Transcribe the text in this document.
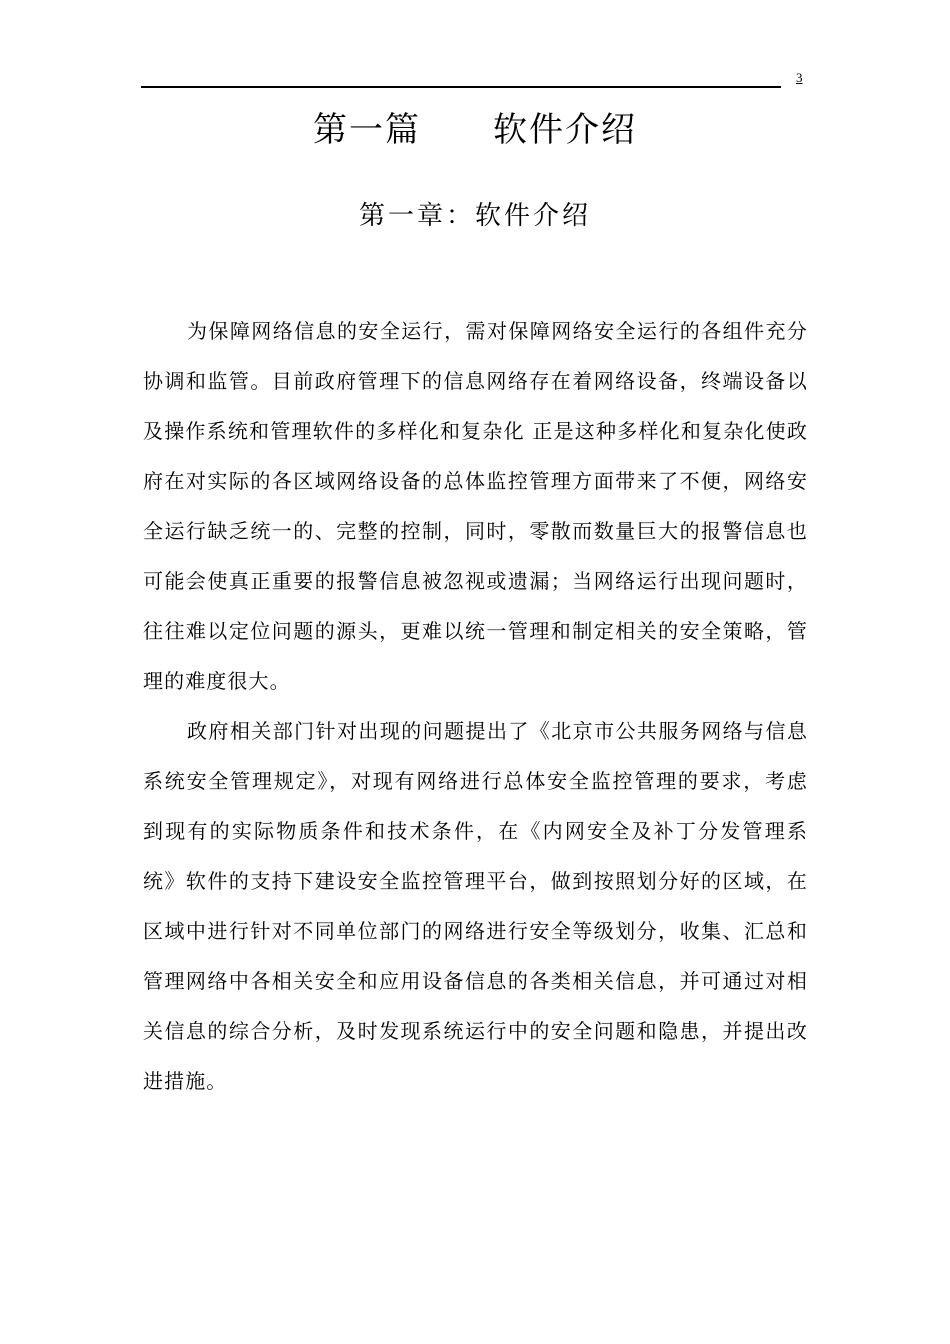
3
第一篇　　软件介绍
第一章：软件介绍

为保障网络信息的安全运行，需对保障网络安全运行的各组件充分协调和监管。目前政府管理下的信息网络存在着网络设备，终端设备以及操作系统和管理软件的多样化和复杂化 正是这种多样化和复杂化使政府在对实际的各区域网络设备的总体监控管理方面带来了不便，网络安全运行缺乏统一的、完整的控制，同时，零散而数量巨大的报警信息也可能会使真正重要的报警信息被忽视或遗漏；当网络运行出现问题时，往往难以定位问题的源头，更难以统一管理和制定相关的安全策略，管理的难度很大。

政府相关部门针对出现的问题提出了《北京市公共服务网络与信息系统安全管理规定》，对现有网络进行总体安全监控管理的要求，考虑到现有的实际物质条件和技术条件，在《内网安全及补丁分发管理系统》软件的支持下建设安全监控管理平台，做到按照划分好的区域，在区域中进行针对不同单位部门的网络进行安全等级划分，收集、汇总和管理网络中各相关安全和应用设备信息的各类相关信息，并可通过对相关信息的综合分析，及时发现系统运行中的安全问题和隐患，并提出改进措施。
